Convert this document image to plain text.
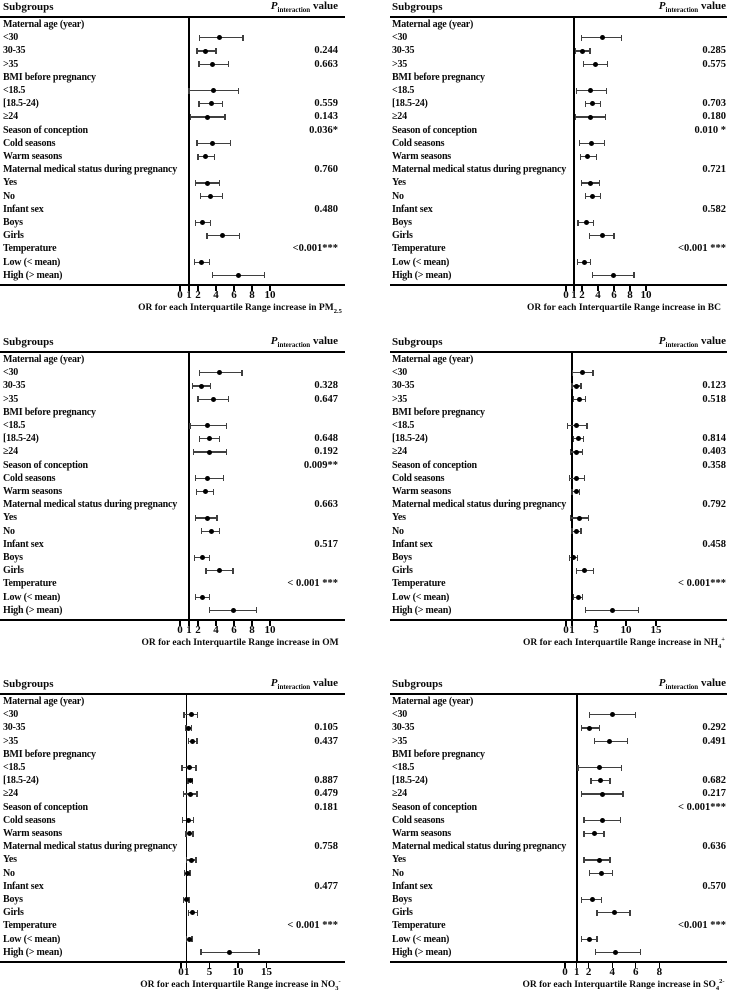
Subgroups	$P_{interaction}$ value
Maternal age (year)
<30
30-35	0.244
>35	0.663
BMI before pregnancy
<18.5
[18.5-24)	0.559
≥24	0.143
Season of conception	0.036*
Cold seasons
Warm seasons
Maternal medical status during pregnancy	0.760
Yes
No
Infant sex	0.480
Boys
Girls
Temperature	<0.001***
Low (< mean)
High (> mean)
0 1 2	4	6	8 10
OR for each Interquartile Range increase in $PM_{2.5}$
Subgroups	$P_{interaction}$ value
Maternal age (year)
<30
30-35	0.285
>35	0.575
BMI before pregnancy
<18.5
[18.5-24)	0.703
≥24	0.180
Season of conception	0.010 *
Cold seasons
Warm seasons
Maternal medical status during pregnancy	0.721
Yes
No
Infant sex	0.582
Boys
Girls
Temperature	<0.001 ***
Low (< mean)
High (> mean)
0 1 2 4 6 8 10
OR for each Interquartile Range increase in BC
Subgroups	$P_{interaction}$ value
Maternal age (year)
<30
30-35	0.328
>35	0.647
BMI before pregnancy
<18.5
[18.5-24)	0.648
≥24	0.192
Season of conception	0.009**
Cold seasons
Warm seasons
Maternal medical status during pregnancy	0.663
Yes
No
Infant sex	0.517
Boys
Girls
Temperature	< 0.001 ***
Low (< mean)
High (> mean)
0 1 2	4	6	8 10
OR for each Interquartile Range increase in OM
Subgroups	$P_{interaction}$ value
Maternal age (year)
<30
30-35	0.123
>35	0.518
BMI before pregnancy
<18.5
[18.5-24)	0.814
≥24	0.403
Season of conception	0.358
Cold seasons
Warm seasons
Maternal medical status during pregnancy	0.792
Yes
No
Infant sex	0.458
Boys
Girls
Temperature	< 0.001***
Low (< mean)
High (> mean)
0 1	5	10	15
OR for each Interquartile Range increase in $NH_4^+$
Subgroups	$P_{interaction}$ value
Maternal age (year)
<30
30-35	0.105
>35	0.437
BMI before pregnancy
<18.5
[18.5-24)	0.887
≥24	0.479
Season of conception	0.181
Cold seasons
Warm seasons
Maternal medical status during pregnancy	0.758
Yes
No
Infant sex	0.477
Boys
Girls
Temperature	< 0.001 ***
Low (< mean)
High (> mean)
0 1	5	10	15
OR for each Interquartile Range increase in $NO_3^-$
Subgroups	$P_{interaction}$ value
Maternal age (year)
<30
30-35	0.292
>35	0.491
BMI before pregnancy
<18.5
[18.5-24)	0.682
≥24	0.217
Season of conception	< 0.001***
Cold seasons
Warm seasons
Maternal medical status during pregnancy	0.636
Yes
No
Infant sex	0.570
Boys
Girls
Temperature	<0.001 ***
Low (< mean)
High (> mean)
0 1 2	4	6	8
OR for each Interquartile Range increase in $SO_4^{2-}$
